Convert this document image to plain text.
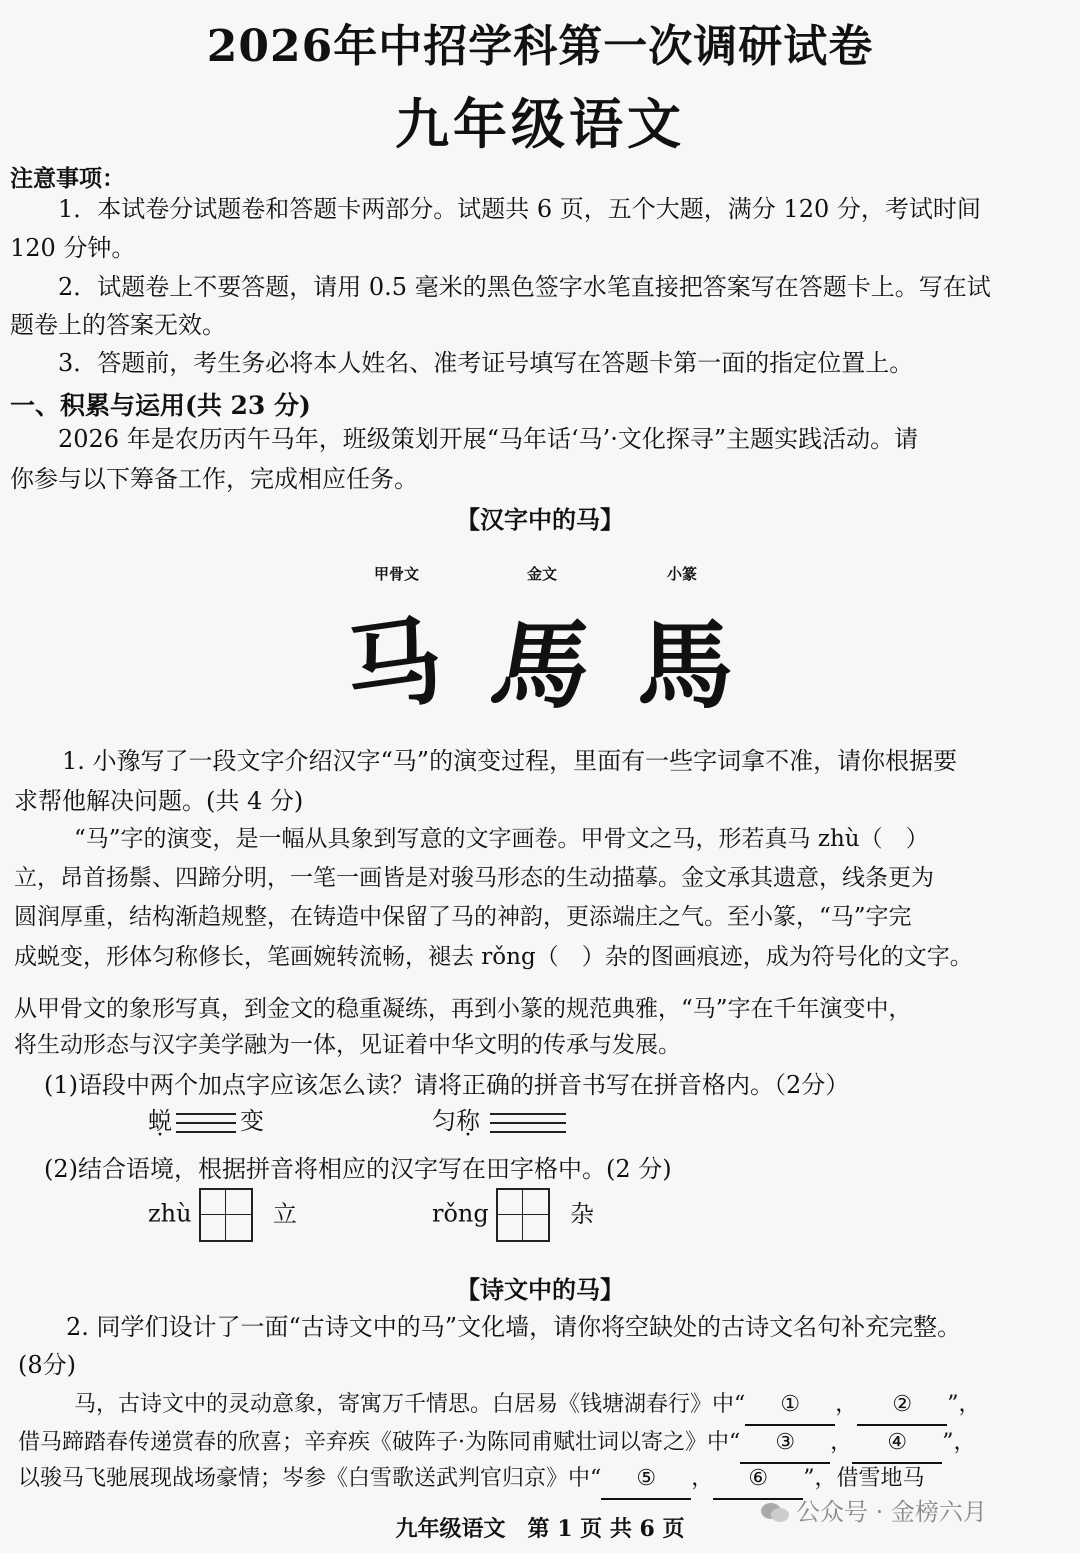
2026年中招学科第一次调研试卷
九年级语文
注意事项：
1．本试卷分试题卷和答题卡两部分。试题共 6 页，五个大题，满分 120 分，考试时间
120 分钟。
2．试题卷上不要答题，请用 0.5 毫米的黑色签字水笔直接把答案写在答题卡上。写在试
题卷上的答案无效。
3．答题前，考生务必将本人姓名、准考证号填写在答题卡第一面的指定位置上。
一、积累与运用(共 23 分)
2026 年是农历丙午马年，班级策划开展“马年话‘马’·文化探寻”主题实践活动。请
你参与以下筹备工作，完成相应任务。
【汉字中的马】
甲骨文	金文	小篆
马 馬 馬
1. 小豫写了一段文字介绍汉字“马”的演变过程，里面有一些字词拿不准，请你根据要
求帮他解决问题。(共 4 分)
“马”字的演变，是一幅从具象到写意的文字画卷。甲骨文之马，形若真马 zhù（　）
立，昂首扬鬃、四蹄分明，一笔一画皆是对骏马形态的生动描摹。金文承其遗意，线条更为
圆润厚重，结构渐趋规整，在铸造中保留了马的神韵，更添端庄之气。至小篆，“马”字完
成蜕变，形体匀称修长，笔画婉转流畅，褪去 rǒng（　）杂的图画痕迹，成为符号化的文字。
从甲骨文的象形写真，到金文的稳重凝练，再到小篆的规范典雅，“马”字在千年演变中，
将生动形态与汉字美学融为一体，见证着中华文明的传承与发展。
(1)语段中两个加点字应该怎么读？请将正确的拼音书写在拼音格内。（2分）
蜕	变	匀称
(2)结合语境，根据拼音将相应的汉字写在田字格中。(2 分)
zhù	立	rǒng	杂
【诗文中的马】
2. 同学们设计了一面“古诗文中的马”文化墙，请你将空缺处的古诗文名句补充完整。
(8分)
马，古诗文中的灵动意象，寄寓万千情思。白居易《钱塘湖春行》中“ ① ， ② ”，
借马蹄踏春传递赏春的欣喜；辛弃疾《破阵子·为陈同甫赋壮词以寄之》中“ ③ ， ④ ”，
以骏马飞驰展现战场豪情；岑参《白雪歌送武判官归京》中“ ⑤ ， ⑥ ”，借雪地马
公众号 · 金榜六月
九年级语文　第 1 页 共 6 页
